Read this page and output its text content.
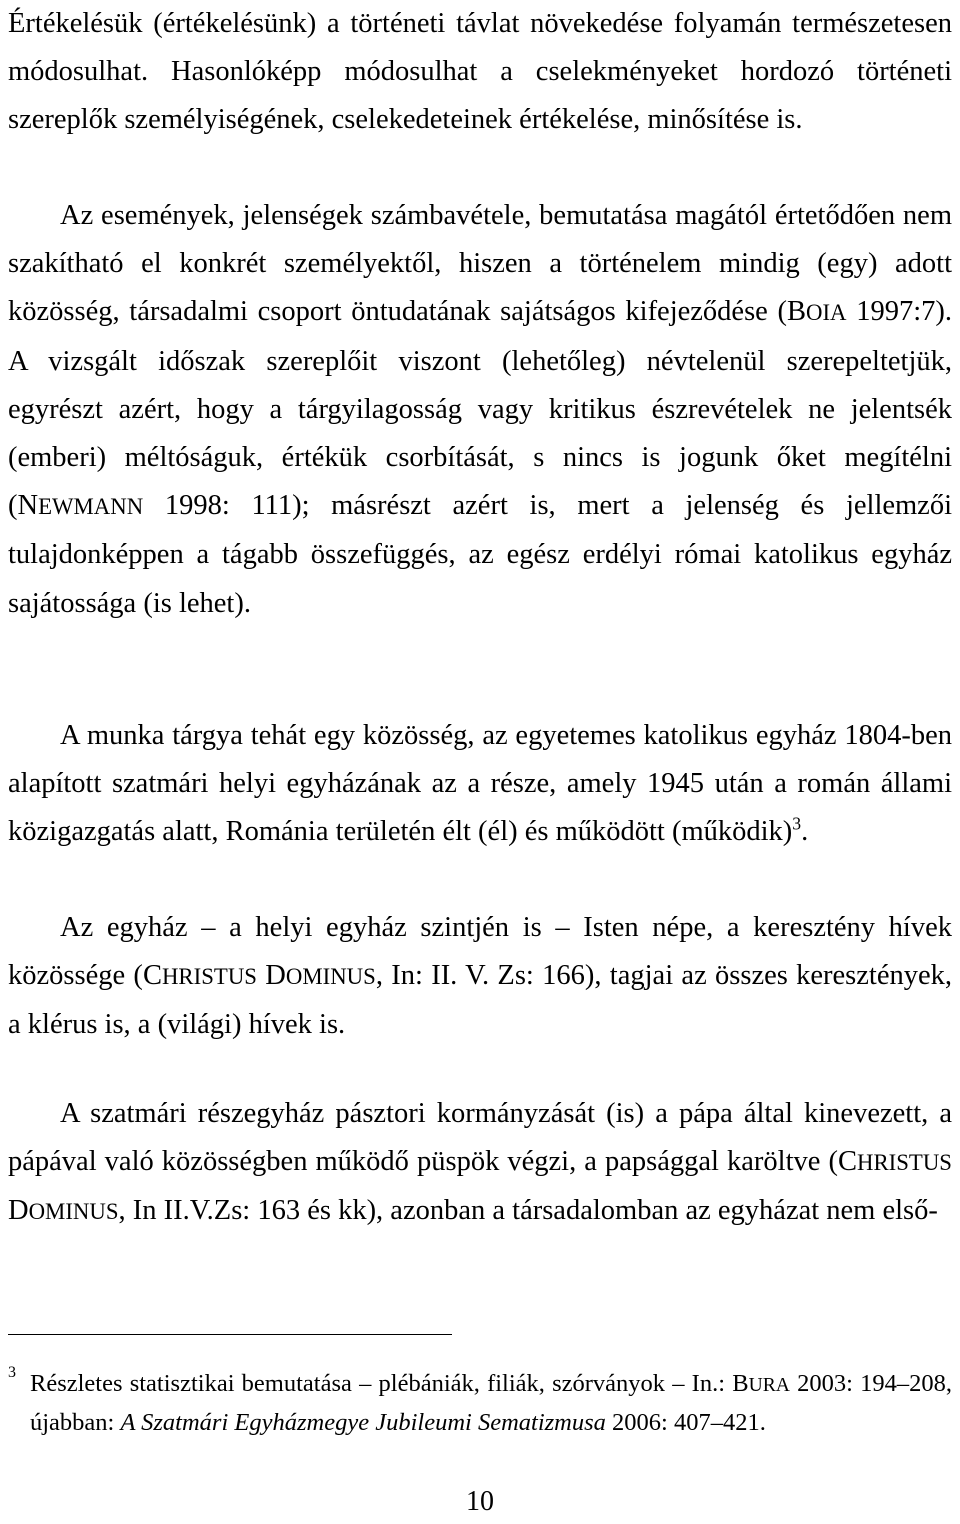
Értékelésük (értékelésünk) a történeti távlat növekedése folyamán természetesen módosulhat. Hasonlóképp módosulhat a cselekményeket hordozó történeti szereplők személyiségének, cselekedeteinek értékelése, minősítése is.

Az események, jelenségek számbavétele, bemutatása magától értetődően nem szakítható el konkrét személyektől, hiszen a történelem mindig (egy) adott közösség, társadalmi csoport öntudatának sajátságos kifejeződése (BOIA 1997:7). A vizsgált időszak szereplőit viszont (lehetőleg) névtelenül szerepeltetjük, egyrészt azért, hogy a tárgyilagosság vagy kritikus észrevételek ne jelentsék (emberi) méltóságuk, értékük csorbítását, s nincs is jogunk őket megítélni (NEWMANN 1998: 111); másrészt azért is, mert a jelenség és jellemzői tulajdonképpen a tágabb összefüggés, az egész erdélyi római katolikus egyház sajátossága (is lehet).

A munka tárgya tehát egy közösség, az egyetemes katolikus egyház 1804-ben alapított szatmári helyi egyházának az a része, amely 1945 után a román állami közigazgatás alatt, Románia területén élt (él) és működött (működik)$^3$.

Az egyház – a helyi egyház szintjén is – Isten népe, a keresztény hívek közössége (CHRISTUS DOMINUS, In: II. V. Zs: 166), tagjai az összes keresztények, a klérus is, a (világi) hívek is.

A szatmári részegyház pásztori kormányzását (is) a pápa által kinevezett, a pápával való közösségben működő püspök végzi, a papsággal karöltve (CHRISTUS DOMINUS, In II.V.Zs: 163 és kk), azonban a társadalomban az egyházat nem első-

3 Részletes statisztikai bemutatása – plébániák, filiák, szórványok – In.: BURA 2003: 194–208, újabban: A Szatmári Egyházmegye Jubileumi Sematizmusa 2006: 407–421.

10
